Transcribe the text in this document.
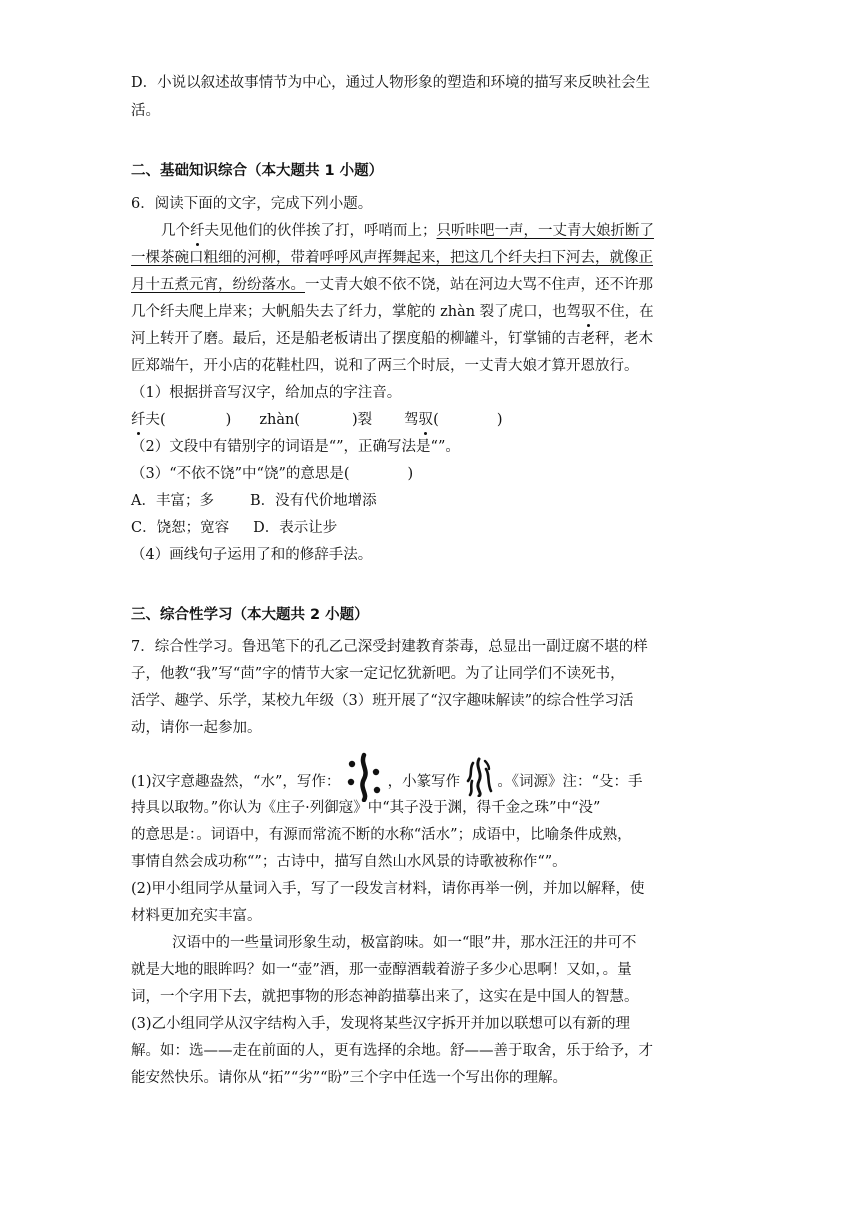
D．小说以叙述故事情节为中心，通过人物形象的塑造和环境的描写来反映社会生
活。
二、基础知识综合（本大题共 1 小题）
6．阅读下面的文字，完成下列小题。
几个纤夫见他们的伙伴挨了打，呼哨而上；只听咔吧一声，一丈青大娘折断了
一棵茶碗口粗细的河柳，带着呼呼风声挥舞起来，把这几个纤夫扫下河去，就像正
月十五煮元宵，纷纷落水。一丈青大娘不依不饶，站在河边大骂不住声，还不许那
几个纤夫爬上岸来；大帆船失去了纤力，掌舵的 zhàn 裂了虎口，也驾驭不住，在
河上转开了磨。最后，还是船老板请出了摆度船的柳罐斗，钉掌铺的吉老秤，老木
匠郑端午，开小店的花鞋杜四，说和了两三个时辰，一丈青大娘才算开恩放行。
（1）根据拼音写汉字，给加点的字注音。
纤夫(	) zhàn(	)裂 驾驭(	)
（2）文段中有错别字的词语是“”，正确写法是“”。
（3）“不依不饶”中“饶”的意思是(	)
A．丰富；多 B．没有代价地增添
C．饶恕；宽容 D．表示让步
（4）画线句子运用了和的修辞手法。
三、综合性学习（本大题共 2 小题）
7．综合性学习。鲁迅笔下的孔乙己深受封建教育荼毒，总显出一副迂腐不堪的样
子，他教“我”写“茴”字的情节大家一定记忆犹新吧。为了让同学们不读死书，
活学、趣学、乐学，某校九年级（3）班开展了“汉字趣味解读”的综合性学习活
动，请你一起参加。
(1)汉字意趣盎然，“水”，写作：	，小篆写作	。《词源》注：“殳：手
持具以取物。”你认为《庄子·列御寇》中“其子没于渊，得千金之珠”中“没”
的意思是：。词语中，有源而常流不断的水称“活水”；成语中，比喻条件成熟，
事情自然会成功称“”；古诗中，描写自然山水风景的诗歌被称作“”。
(2)甲小组同学从量词入手，写了一段发言材料，请你再举一例，并加以解释，使
材料更加充实丰富。
汉语中的一些量词形象生动，极富韵味。如一“眼”井，那水汪汪的井可不
就是大地的眼眸吗？如一“壶”酒，那一壶醇酒载着游子多少心思啊！又如，。量
词，一个字用下去，就把事物的形态神韵描摹出来了，这实在是中国人的智慧。
(3)乙小组同学从汉字结构入手，发现将某些汉字拆开并加以联想可以有新的理
解。如：选——走在前面的人，更有选择的余地。舒——善于取舍，乐于给予，才
能安然快乐。请你从“拓”“劣”“盼”三个字中任选一个写出你的理解。
